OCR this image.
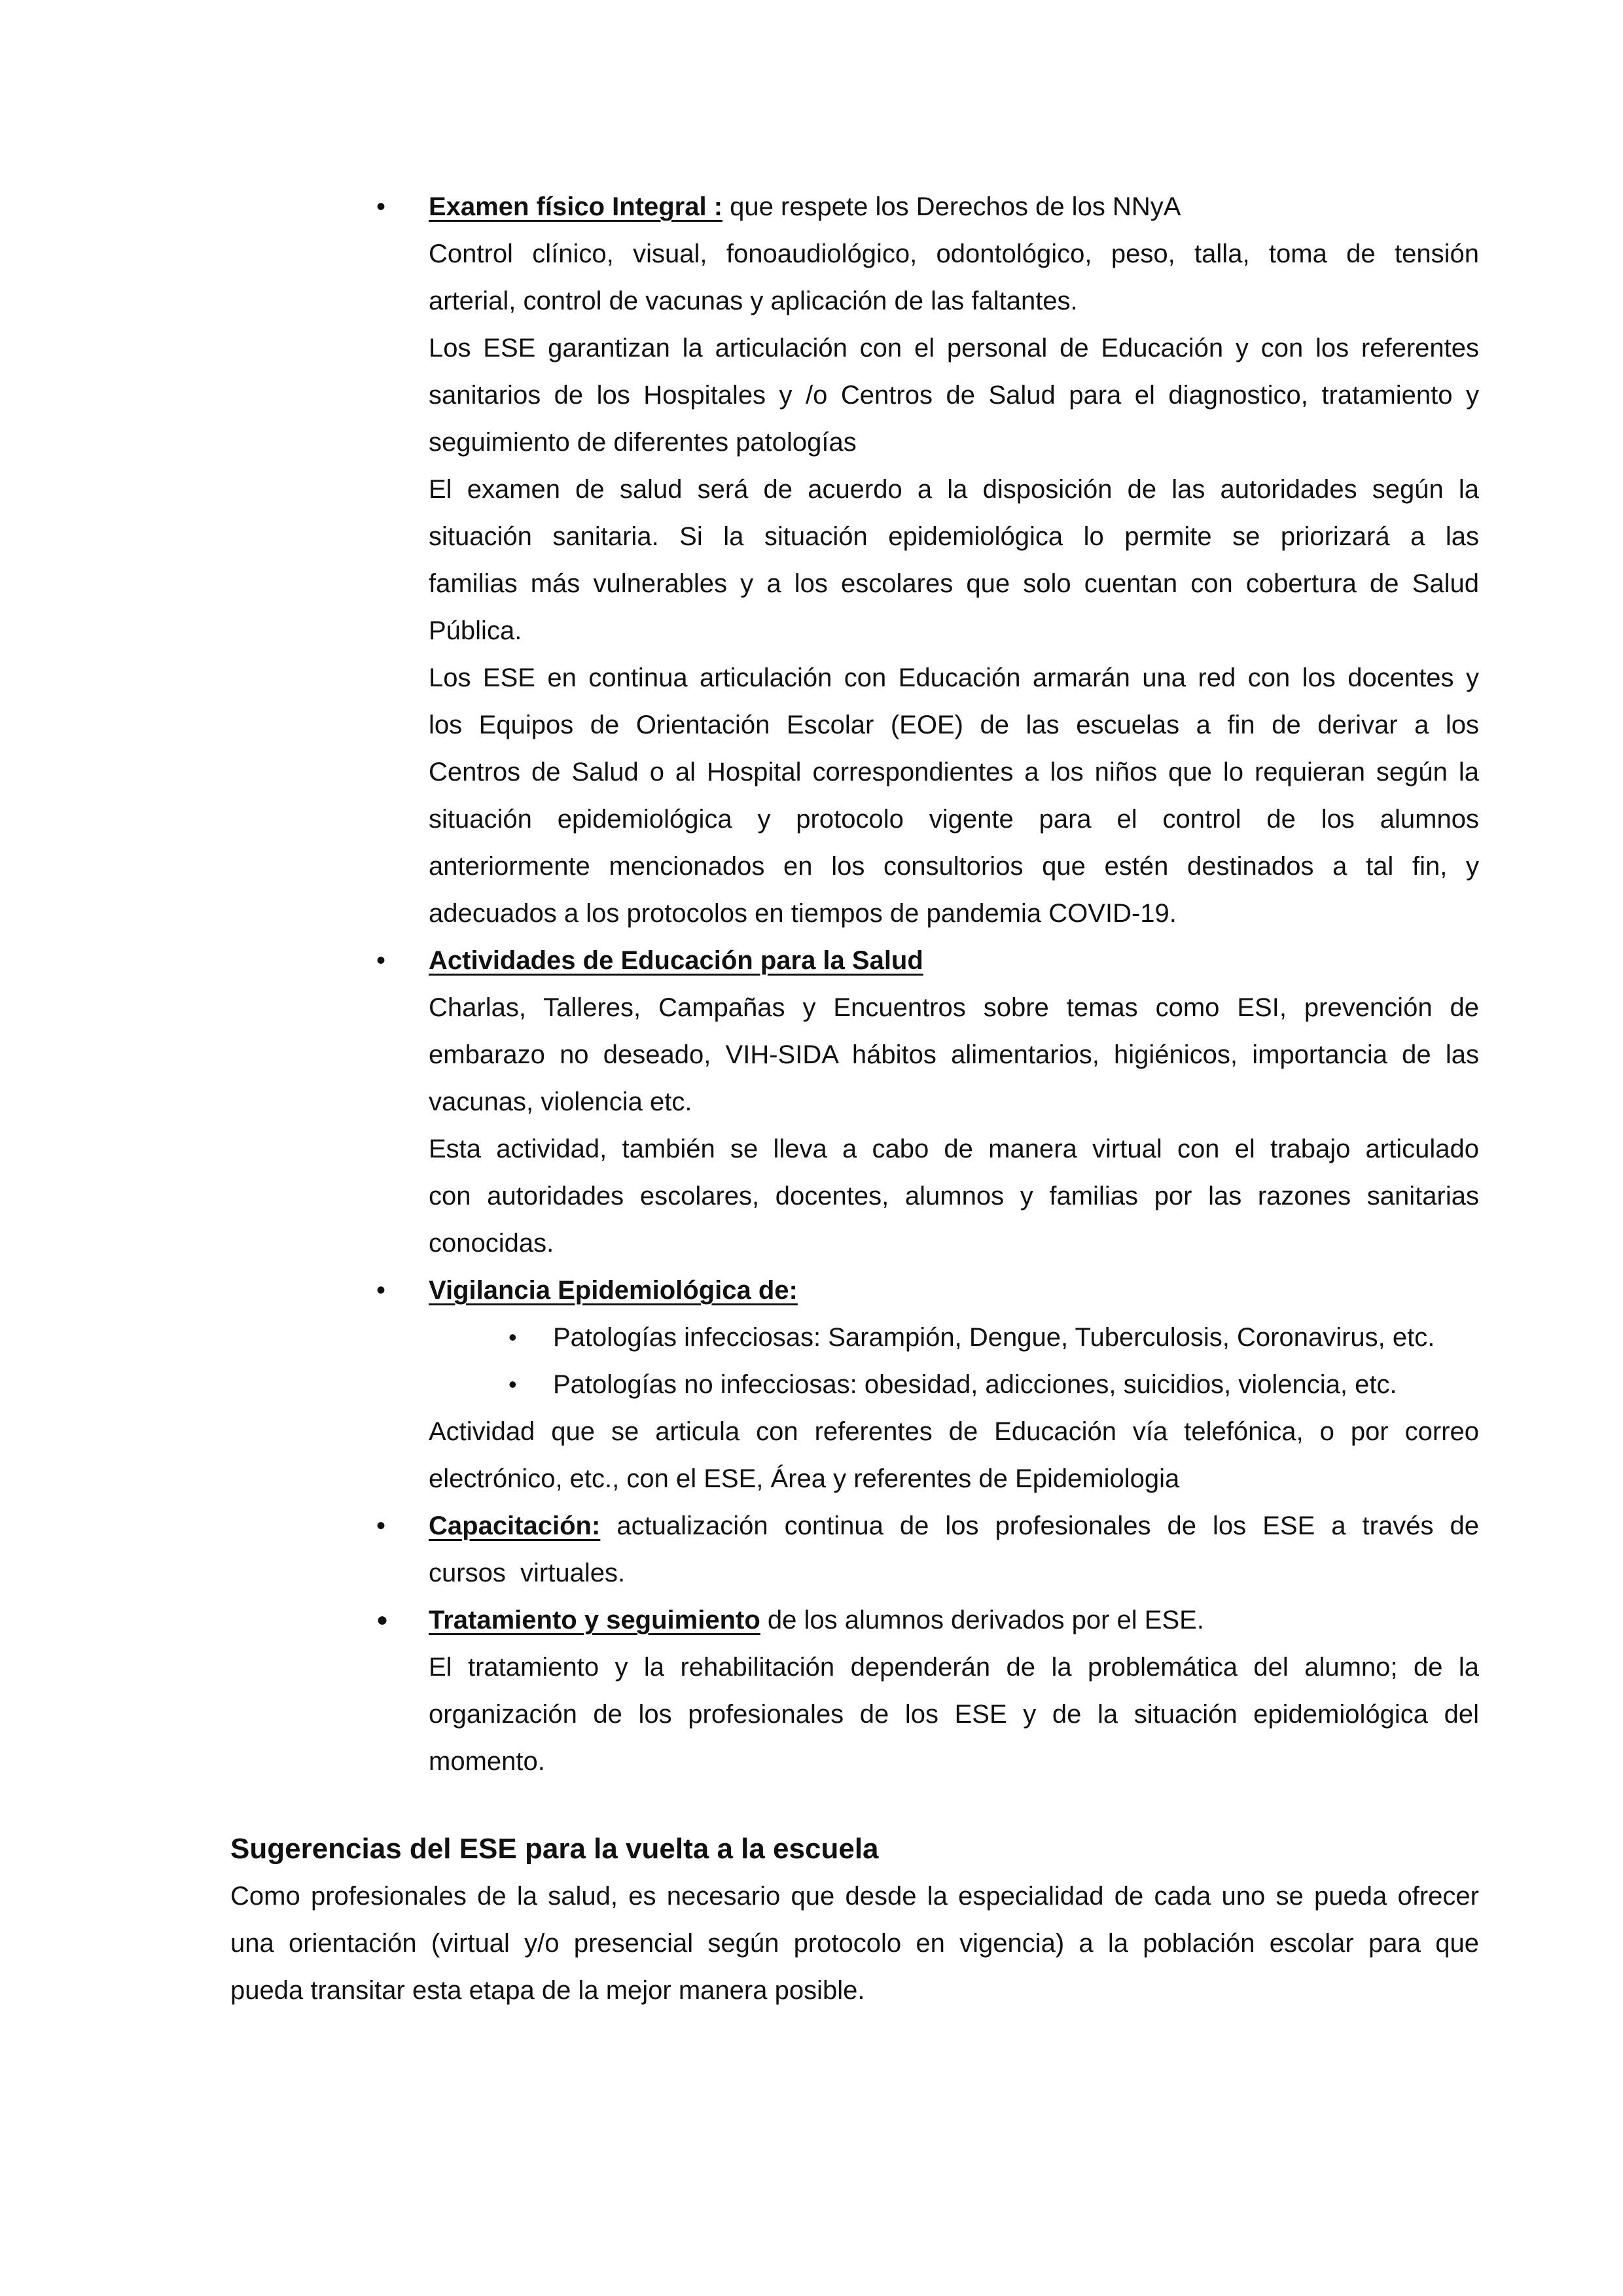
• Examen físico Integral : que respete los Derechos de los NNyA
Control clínico, visual, fonoaudiológico, odontológico, peso, talla, toma de tensión
arterial, control de vacunas y aplicación de las faltantes.
Los ESE garantizan la articulación con el personal de Educación y con los referentes
sanitarios de los Hospitales y /o Centros de Salud para el diagnostico, tratamiento y
seguimiento de diferentes patologías
El examen de salud será de acuerdo a la disposición de las autoridades según la
situación sanitaria. Si la situación epidemiológica lo permite se priorizará a las
familias más vulnerables y a los escolares que solo cuentan con cobertura de Salud
Pública.
Los ESE en continua articulación con Educación armarán una red con los docentes y
los Equipos de Orientación Escolar (EOE) de las escuelas a fin de derivar a los
Centros de Salud o al Hospital correspondientes a los niños que lo requieran según la
situación epidemiológica y protocolo vigente para el control de los alumnos
anteriormente mencionados en los consultorios que estén destinados a tal fin, y
adecuados a los protocolos en tiempos de pandemia COVID-19.
• Actividades de Educación para la Salud
Charlas, Talleres, Campañas y Encuentros sobre temas como ESI, prevención de
embarazo no deseado, VIH-SIDA hábitos alimentarios, higiénicos, importancia de las
vacunas, violencia etc.
Esta actividad, también se lleva a cabo de manera virtual con el trabajo articulado
con autoridades escolares, docentes, alumnos y familias por las razones sanitarias
conocidas.
• Vigilancia Epidemiológica de:
• Patologías infecciosas: Sarampión, Dengue, Tuberculosis, Coronavirus, etc.
• Patologías no infecciosas: obesidad, adicciones, suicidios, violencia, etc.
Actividad que se articula con referentes de Educación vía telefónica, o por correo
electrónico, etc., con el ESE, Área y referentes de Epidemiologia
• Capacitación: actualización continua de los profesionales de los ESE a través de
cursos  virtuales.
● Tratamiento y seguimiento de los alumnos derivados por el ESE.
El tratamiento y la rehabilitación dependerán de la problemática del alumno; de la
organización de los profesionales de los ESE y de la situación epidemiológica del
momento.
Sugerencias del ESE para la vuelta a la escuela
Como profesionales de la salud, es necesario que desde la especialidad de cada uno se pueda ofrecer
una orientación (virtual y/o presencial según protocolo en vigencia) a la población escolar para que
pueda transitar esta etapa de la mejor manera posible.
